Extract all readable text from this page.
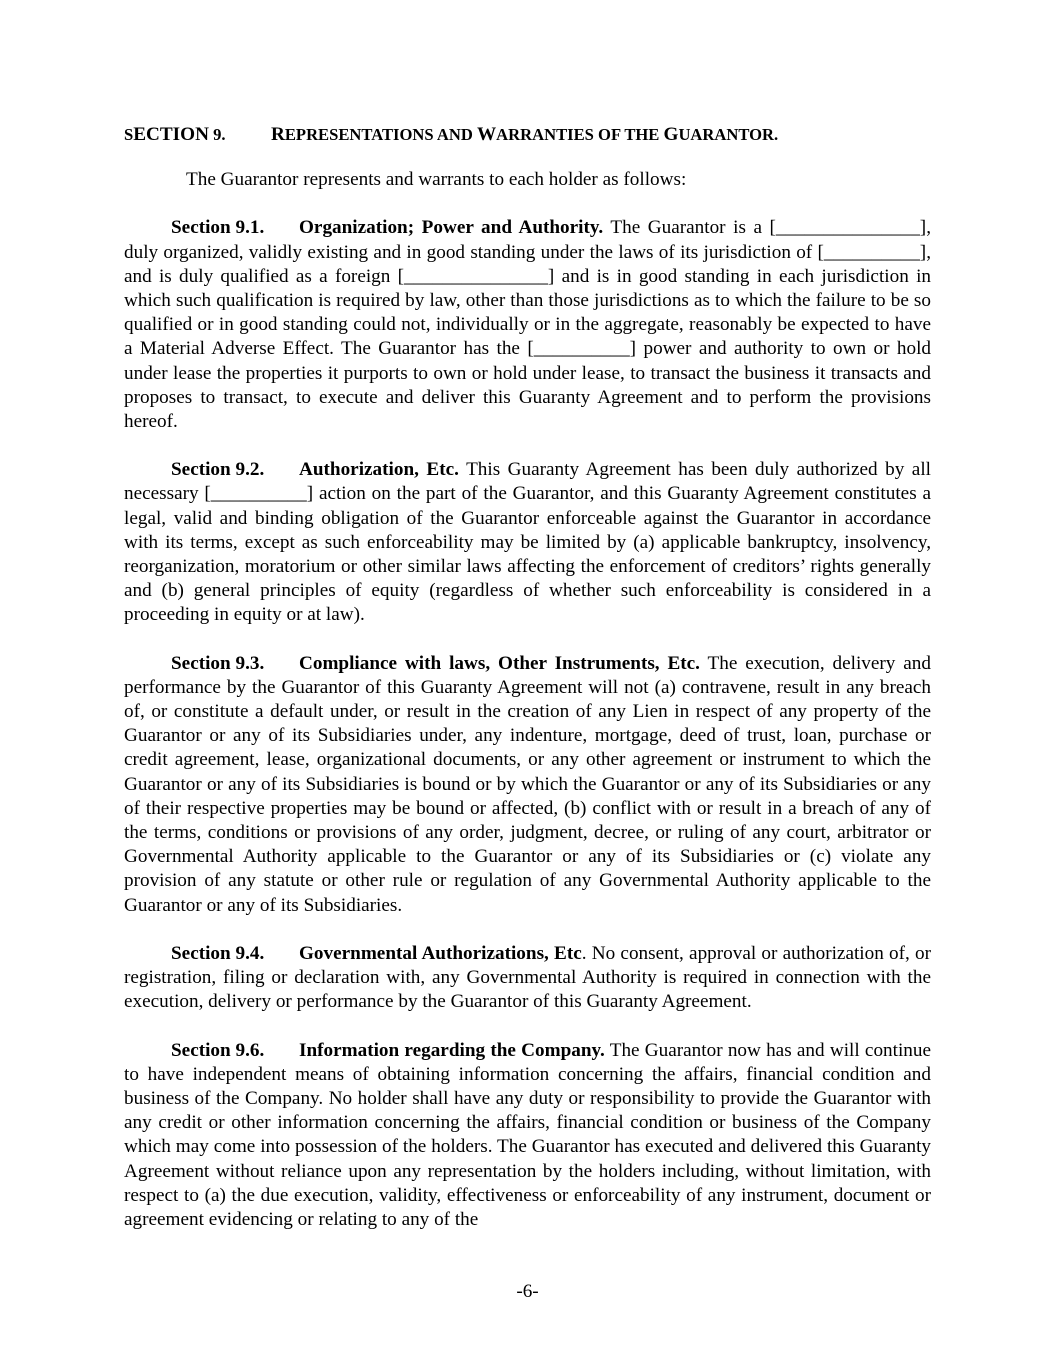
SECTION 9. REPRESENTATIONS AND WARRANTIES OF THE GUARANTOR.

The Guarantor represents and warrants to each holder as follows:

Section 9.1. Organization; Power and Authority. The Guarantor is a [_______________], duly organized, validly existing and in good standing under the laws of its jurisdiction of [__________], and is duly qualified as a foreign [_______________] and is in good standing in each jurisdiction in which such qualification is required by law, other than those jurisdictions as to which the failure to be so qualified or in good standing could not, individually or in the aggregate, reasonably be expected to have a Material Adverse Effect. The Guarantor has the [__________] power and authority to own or hold under lease the properties it purports to own or hold under lease, to transact the business it transacts and proposes to transact, to execute and deliver this Guaranty Agreement and to perform the provisions hereof.

Section 9.2. Authorization, Etc. This Guaranty Agreement has been duly authorized by all necessary [__________] action on the part of the Guarantor, and this Guaranty Agreement constitutes a legal, valid and binding obligation of the Guarantor enforceable against the Guarantor in accordance with its terms, except as such enforceability may be limited by (a) applicable bankruptcy, insolvency, reorganization, moratorium or other similar laws affecting the enforcement of creditors’ rights generally and (b) general principles of equity (regardless of whether such enforceability is considered in a proceeding in equity or at law).

Section 9.3. Compliance with laws, Other Instruments, Etc. The execution, delivery and performance by the Guarantor of this Guaranty Agreement will not (a) contravene, result in any breach of, or constitute a default under, or result in the creation of any Lien in respect of any property of the Guarantor or any of its Subsidiaries under, any indenture, mortgage, deed of trust, loan, purchase or credit agreement, lease, organizational documents, or any other agreement or instrument to which the Guarantor or any of its Subsidiaries is bound or by which the Guarantor or any of its Subsidiaries or any of their respective properties may be bound or affected, (b) conflict with or result in a breach of any of the terms, conditions or provisions of any order, judgment, decree, or ruling of any court, arbitrator or Governmental Authority applicable to the Guarantor or any of its Subsidiaries or (c) violate any provision of any statute or other rule or regulation of any Governmental Authority applicable to the Guarantor or any of its Subsidiaries.

Section 9.4. Governmental Authorizations, Etc. No consent, approval or authorization of, or registration, filing or declaration with, any Governmental Authority is required in connection with the execution, delivery or performance by the Guarantor of this Guaranty Agreement.

Section 9.6. Information regarding the Company. The Guarantor now has and will continue to have independent means of obtaining information concerning the affairs, financial condition and business of the Company. No holder shall have any duty or responsibility to provide the Guarantor with any credit or other information concerning the affairs, financial condition or business of the Company which may come into possession of the holders. The Guarantor has executed and delivered this Guaranty Agreement without reliance upon any representation by the holders including, without limitation, with respect to (a) the due execution, validity, effectiveness or enforceability of any instrument, document or agreement evidencing or relating to any of the

-6-
